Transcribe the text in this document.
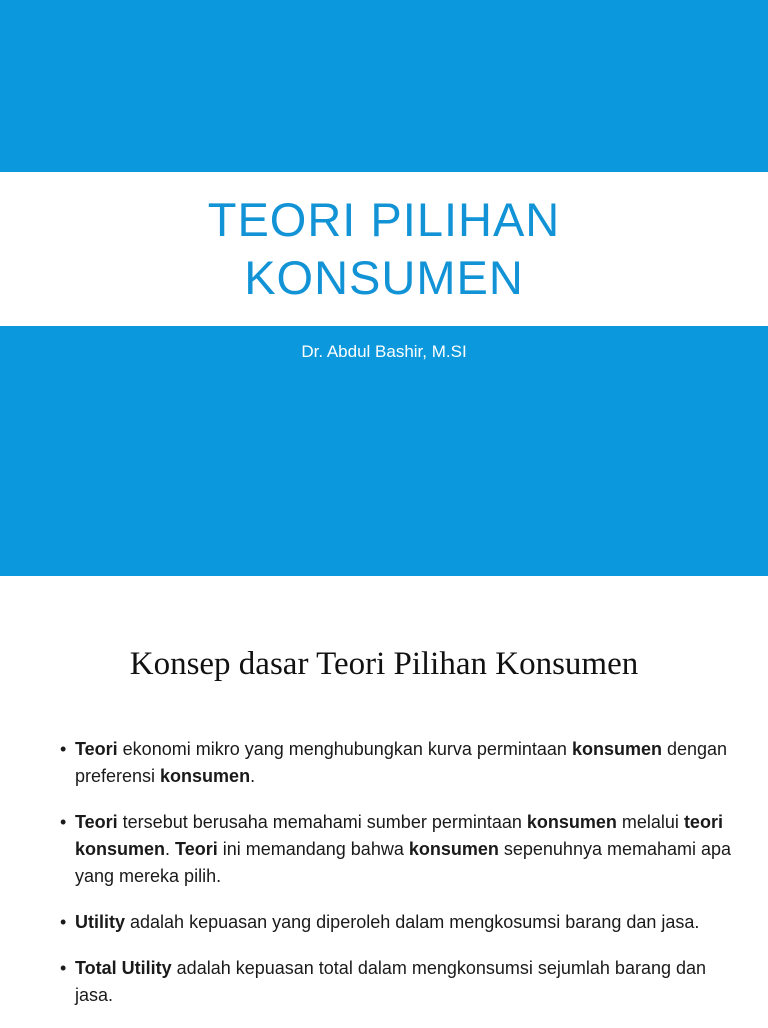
TEORI PILIHAN
KONSUMEN
Dr. Abdul Bashir, M.SI
Konsep dasar Teori Pilihan Konsumen
• Teori ekonomi mikro yang menghubungkan kurva permintaan konsumen dengan preferensi konsumen.
• Teori tersebut berusaha memahami sumber permintaan konsumen melalui teori konsumen. Teori ini memandang bahwa konsumen sepenuhnya memahami apa yang mereka pilih.
• Utility adalah kepuasan yang diperoleh dalam mengkosumsi barang dan jasa.
• Total Utility adalah kepuasan total dalam mengkonsumsi sejumlah barang dan jasa.
